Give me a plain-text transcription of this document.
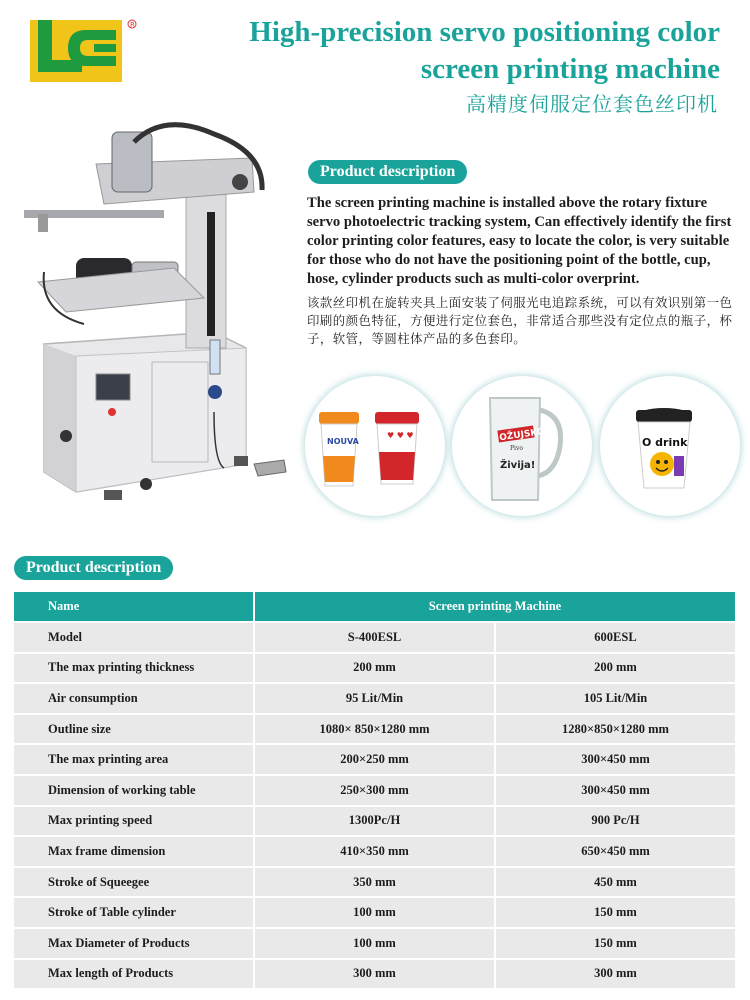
R	High-precision servo positioning color
screen printing machine
高精度伺服定位套色丝印机
Product description

The screen printing machine is installed above the rotary fixture servo photoelectric tracking system, Can effectively identify the first color printing color features, easy to locate the color, is very suitable for those who do not have the positioning point of the bottle, cup, hose, cylinder products such as multi-color overprint.

该款丝印机在旋转夹具上面安装了伺服光电追踪系统，可以有效识别第一色印刷的颜色特征，方便进行定位套色，非常适合那些没有定位点的瓶子，杯子，软管，等圆柱体产品的多色套印。

NOUVA
♥ ♥ ♥	OŽUJSKO
Pivo
Živija!
O drink
Product description
Name	Screen printing Machine	
Model	S-400ESL	600ESL
The max printing thickness	200 mm	200 mm
Air consumption	95 Lit/Min	105 Lit/Min
Outline size	1080× 850×1280 mm	1280×850×1280 mm
The max printing area	200×250 mm	300×450 mm
Dimension of working table	250×300 mm	300×450 mm
Max printing speed	1300Pc/H	900 Pc/H
Max frame dimension	410×350 mm	650×450 mm
Stroke of Squeegee	350 mm	450 mm
Stroke of Table cylinder	100 mm	150 mm
Max Diameter of Products	100 mm	150 mm
Max length of Products	300 mm	300 mm
